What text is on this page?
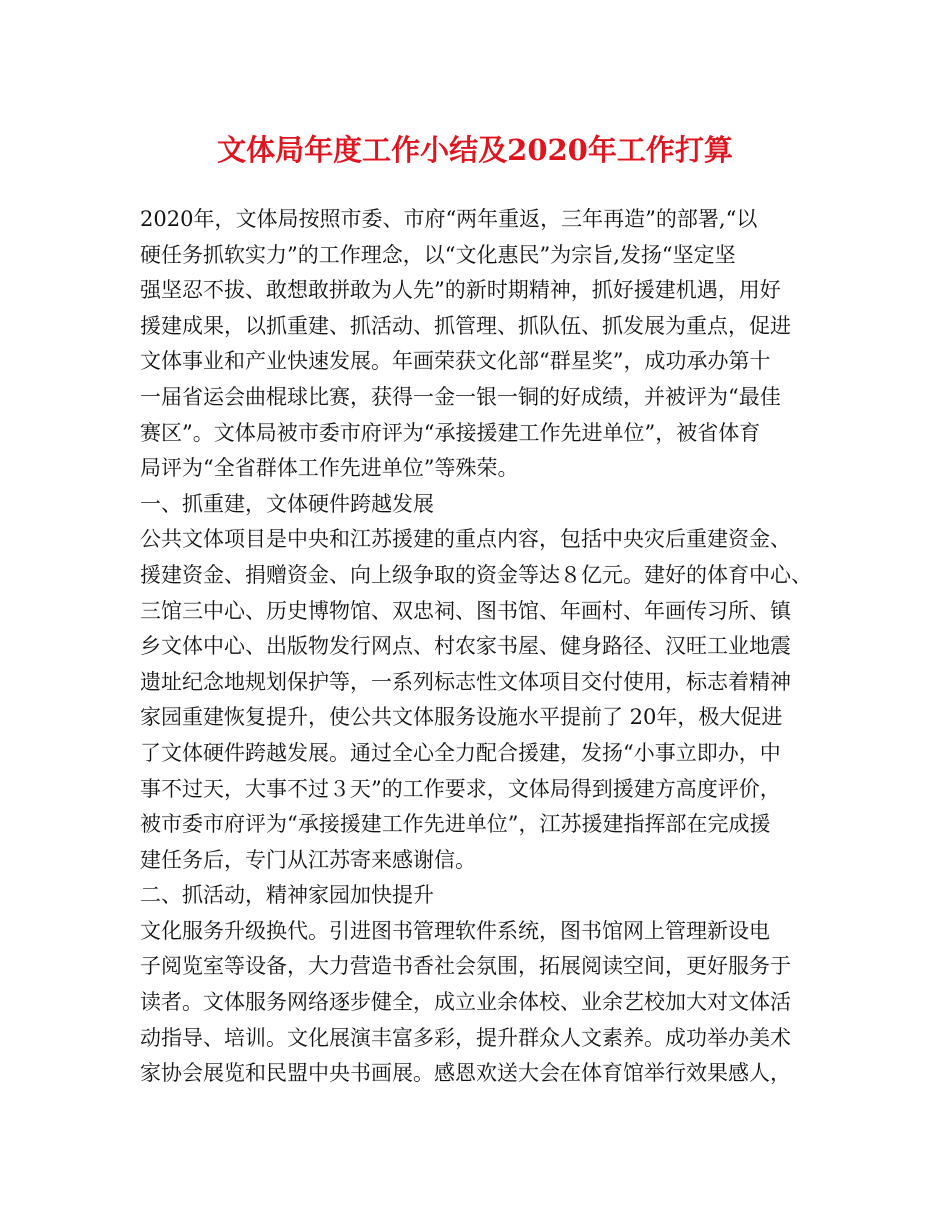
文体局年度工作小结及2020年工作打算

2020年，文体局按照市委、市府“两年重返，三年再造”的部署,“以

硬任务抓软实力”的工作理念，以“文化惠民”为宗旨,发扬“坚定坚

强坚忍不拔、敢想敢拼敢为人先”的新时期精神，抓好援建机遇，用好

援建成果，以抓重建、抓活动、抓管理、抓队伍、抓发展为重点，促进

文体事业和产业快速发展。年画荣获文化部“群星奖”，成功承办第十

一届省运会曲棍球比赛，获得一金一银一铜的好成绩，并被评为“最佳

赛区”。文体局被市委市府评为“承接援建工作先进单位”，被省体育

局评为“全省群体工作先进单位”等殊荣。

一、抓重建，文体硬件跨越发展

公共文体项目是中央和江苏援建的重点内容，包括中央灾后重建资金、

援建资金、捐赠资金、向上级争取的资金等达８亿元。建好的体育中心、

三馆三中心、历史博物馆、双忠祠、图书馆、年画村、年画传习所、镇

乡文体中心、出版物发行网点、村农家书屋、健身路径、汉旺工业地震

遗址纪念地规划保护等，一系列标志性文体项目交付使用，标志着精神

家园重建恢复提升，使公共文体服务设施水平提前了 20年，极大促进

了文体硬件跨越发展。通过全心全力配合援建，发扬“小事立即办，中

事不过天，大事不过３天”的工作要求，文体局得到援建方高度评价，

被市委市府评为“承接援建工作先进单位”，江苏援建指挥部在完成援

建任务后，专门从江苏寄来感谢信。

二、抓活动，精神家园加快提升

文化服务升级换代。引进图书管理软件系统，图书馆网上管理新设电

子阅览室等设备，大力营造书香社会氛围，拓展阅读空间，更好服务于

读者。文体服务网络逐步健全，成立业余体校、业余艺校加大对文体活

动指导、培训。文化展演丰富多彩，提升群众人文素养。成功举办美术

家协会展览和民盟中央书画展。感恩欢送大会在体育馆举行效果感人，
